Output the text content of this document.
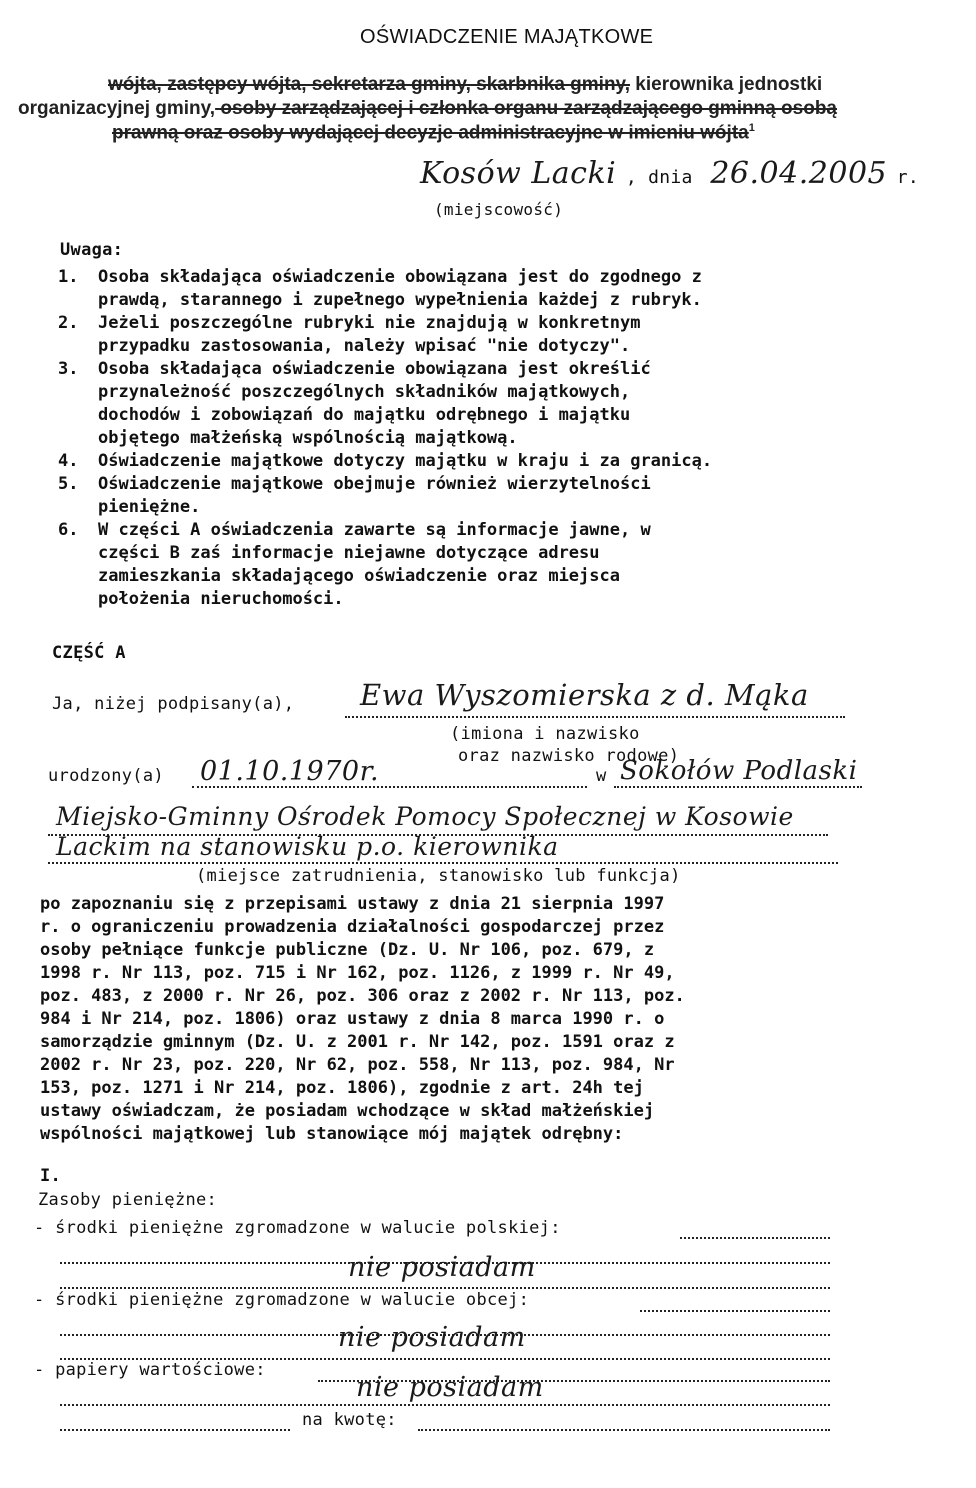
OŚWIADCZENIE MAJĄTKOWE
wójta, zastępcy wójta, sekretarza gminy, skarbnika gminy, kierownika jednostki
organizacyjnej gminy, osoby zarządzającej i członka organu zarządzającego gminną osobą
prawną oraz osoby wydającej decyzje administracyjne w imieniu wójta$^1$
Kosów Lacki , dnia 26.04.2005 r.
(miejscowość)
Uwaga:
1.	Osoba składająca oświadczenie obowiązana jest do zgodnego z
prawdą, starannego i zupełnego wypełnienia każdej z rubryk.
2.	Jeżeli poszczególne rubryki nie znajdują w konkretnym
przypadku zastosowania, należy wpisać "nie dotyczy".
3.	Osoba składająca oświadczenie obowiązana jest określić
przynależność poszczególnych składników majątkowych,
dochodów i zobowiązań do majątku odrębnego i majątku
objętego małżeńską wspólnością majątkową.
4.	Oświadczenie majątkowe dotyczy majątku w kraju i za granicą.
5.	Oświadczenie majątkowe obejmuje również wierzytelności
pieniężne.
6.	W części A oświadczenia zawarte są informacje jawne, w
części B zaś informacje niejawne dotyczące adresu
zamieszkania składającego oświadczenie oraz miejsca
położenia nieruchomości.
CZĘŚĆ A
Ja, niżej podpisany(a), Ewa Wyszomierska z d. Mąka
(imiona i nazwisko
oraz nazwisko rodowe)
urodzony(a) 01.10.1970r.	w Sokołów Podlaski
Miejsko-Gminny Ośrodek Pomocy Społecznej w Kosowie
Lackim na stanowisku p.o. kierownika
(miejsce zatrudnienia, stanowisko lub funkcja)
po zapoznaniu się z przepisami ustawy z dnia 21 sierpnia 1997
r. o ograniczeniu prowadzenia działalności gospodarczej przez
osoby pełniące funkcje publiczne (Dz. U. Nr 106, poz. 679, z
1998 r. Nr 113, poz. 715 i Nr 162, poz. 1126, z 1999 r. Nr 49,
poz. 483, z 2000 r. Nr 26, poz. 306 oraz z 2002 r. Nr 113, poz.
984 i Nr 214, poz. 1806) oraz ustawy z dnia 8 marca 1990 r. o
samorządzie gminnym (Dz. U. z 2001 r. Nr 142, poz. 1591 oraz z
2002 r. Nr 23, poz. 220, Nr 62, poz. 558, Nr 113, poz. 984, Nr
153, poz. 1271 i Nr 214, poz. 1806), zgodnie z art. 24h tej
ustawy oświadczam, że posiadam wchodzące w skład małżeńskiej
wspólności majątkowej lub stanowiące mój majątek odrębny:
I.
Zasoby pieniężne:
- środki pieniężne zgromadzone w walucie polskiej:
nie posiadam
- środki pieniężne zgromadzone w walucie obcej:
nie posiadam
- papiery wartościowe:
nie posiadam
na kwotę:
